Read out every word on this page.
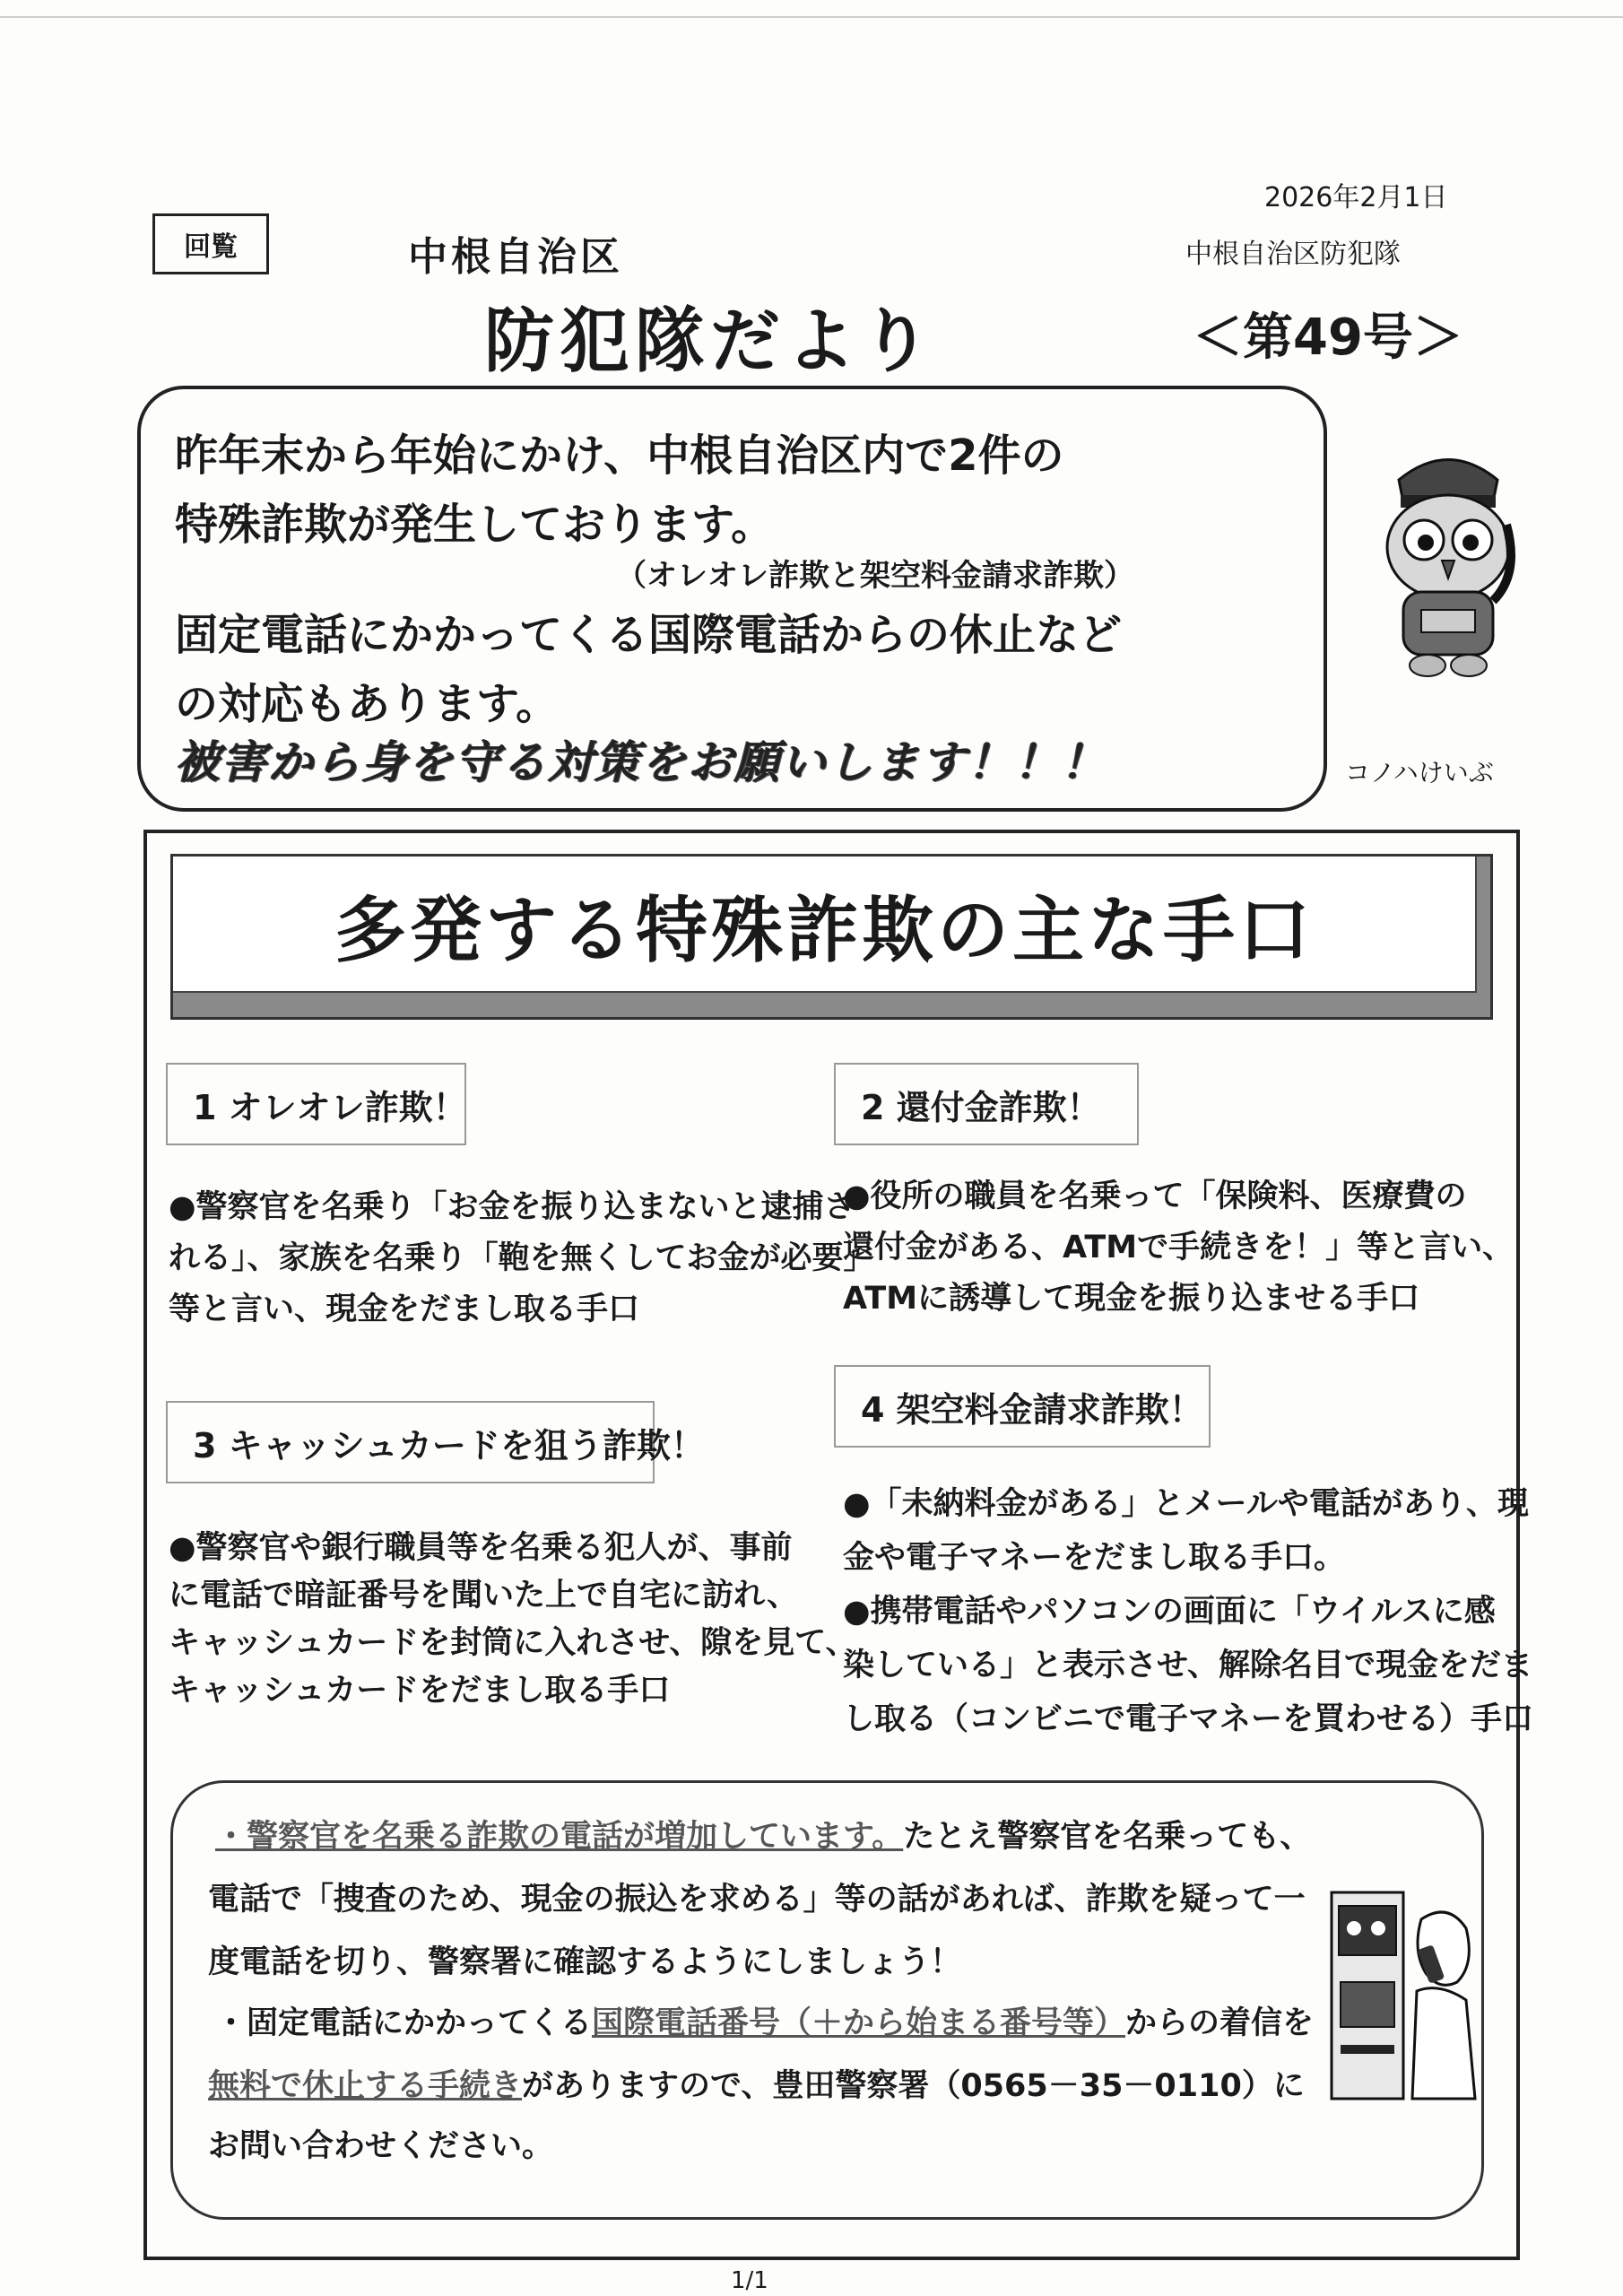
2026年2月1日
中根自治区防犯隊
回覧	中根自治区
防犯隊だより	＜第49号＞
昨年末から年始にかけ、中根自治区内で2件の
特殊詐欺が発生しております。
（オレオレ詐欺と架空料金請求詐欺）
固定電話にかかってくる国際電話からの休止など
の対応もあります。
被害から身を守る対策をお願いします！！！	コノハけいぶ
多発する特殊詐欺の主な手口
1 オレオレ詐欺！
●警察官を名乗り「お金を振り込まないと逮捕さ
れる」、家族を名乗り「鞄を無くしてお金が必要」
等と言い、現金をだまし取る手口
2 還付金詐欺！
●役所の職員を名乗って「保険料、医療費の
還付金がある、ATMで手続きを！」等と言い、
ATMに誘導して現金を振り込ませる手口
3 キャッシュカードを狙う詐欺！
●警察官や銀行職員等を名乗る犯人が、事前
に電話で暗証番号を聞いた上で自宅に訪れ、
キャッシュカードを封筒に入れさせ、隙を見て、
キャッシュカードをだまし取る手口
4 架空料金請求詐欺！
●「未納料金がある」とメールや電話があり、現
金や電子マネーをだまし取る手口。
●携帯電話やパソコンの画面に「ウイルスに感
染している」と表示させ、解除名目で現金をだま
し取る（コンビニで電子マネーを買わせる）手口
・警察官を名乗る詐欺の電話が増加しています。たとえ警察官を名乗っても、
電話で「捜査のため、現金の振込を求める」等の話があれば、詐欺を疑って一
度電話を切り、警察署に確認するようにしましょう！
・固定電話にかかってくる国際電話番号（＋から始まる番号等）からの着信を
無料で休止する手続きがありますので、豊田警察署（0565－35－0110）に
お問い合わせください。
1/1
